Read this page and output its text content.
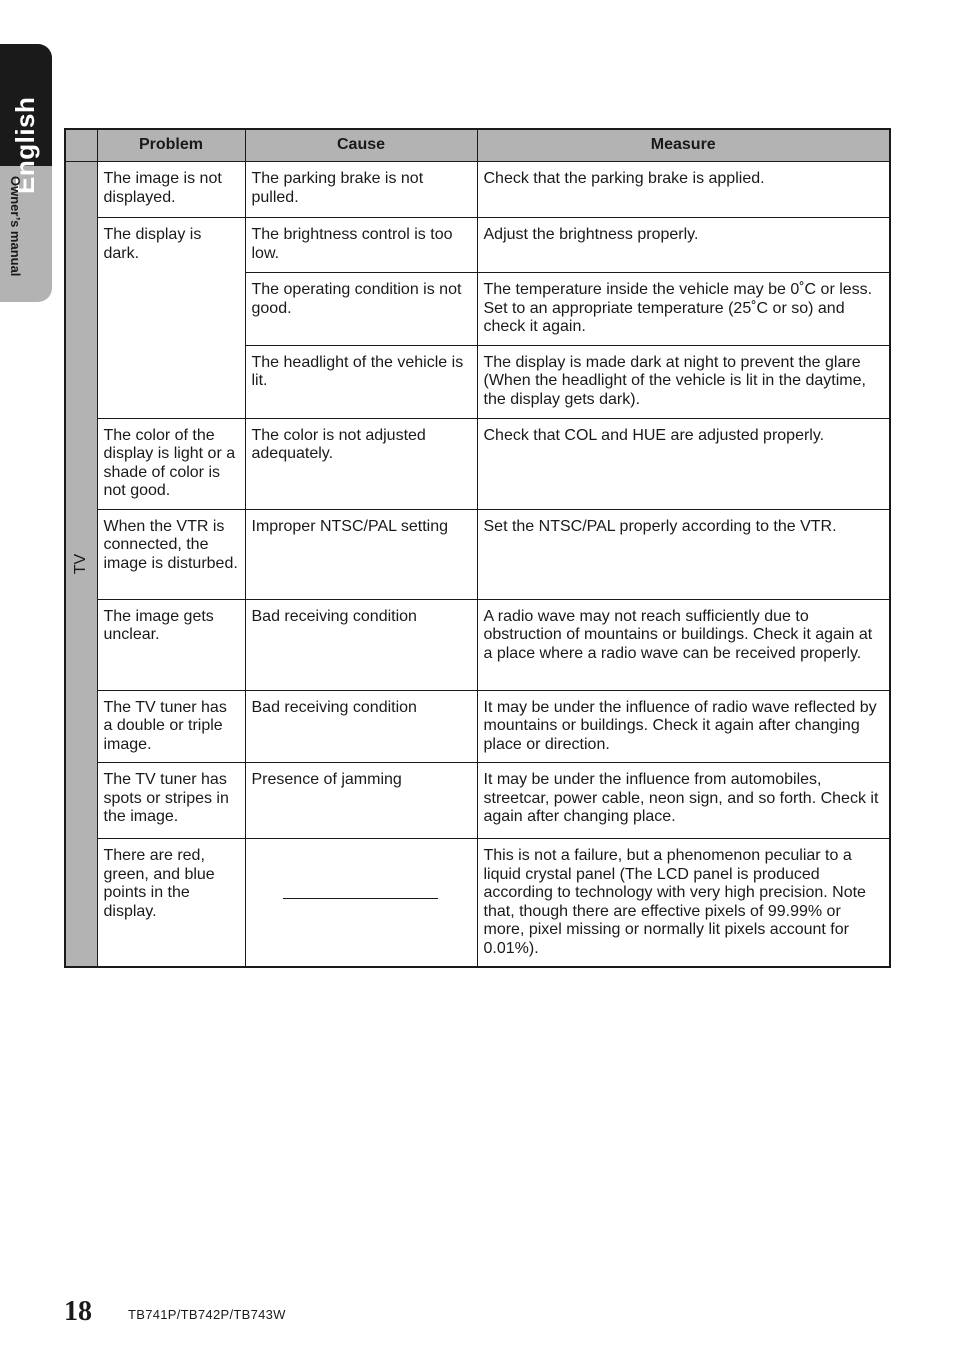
English
Owner’s manual
	Problem	Cause	Measure

TV	The image is not displayed.	The parking brake is not pulled.	Check that the parking brake is applied.
	The display is dark.	The brightness control is too low.	Adjust the brightness properly.
		The operating condition is not good.	The temperature inside the vehicle may be 0˚C or less. Set to an appropriate temperature (25˚C or so) and check it again.
		The headlight of the vehicle is lit.	The display is made dark at night to prevent the glare (When the headlight of the vehicle is lit in the daytime, the display gets dark).
	The color of the display is light or a shade of color is not good.	The color is not adjusted adequately.	Check that COL and HUE are adjusted properly.
	When the VTR is connected, the image is disturbed.	Improper NTSC/PAL setting	Set the NTSC/PAL properly according to the VTR.
	The image gets unclear.	Bad receiving condition	A radio wave may not reach sufficiently due to obstruction of mountains or buildings. Check it again at a place where a radio wave can be received properly.
	The TV tuner has a double or triple image.	Bad receiving condition	It may be under the influence of radio wave reflected by mountains or buildings. Check it again after changing place or direction.
	The TV tuner has spots or stripes in the image.	Presence of jamming	It may be under the influence from automobiles, streetcar, power cable, neon sign, and so forth. Check it again after changing place.
	There are red, green, and blue points in the display.		This is not a failure, but a phenomenon peculiar to a liquid crystal panel (The LCD panel is produced according to technology with very high precision. Note that, though there are effective pixels of 99.99% or more, pixel missing or normally lit pixels account for 0.01%).
18	TB741P/TB742P/TB743W
